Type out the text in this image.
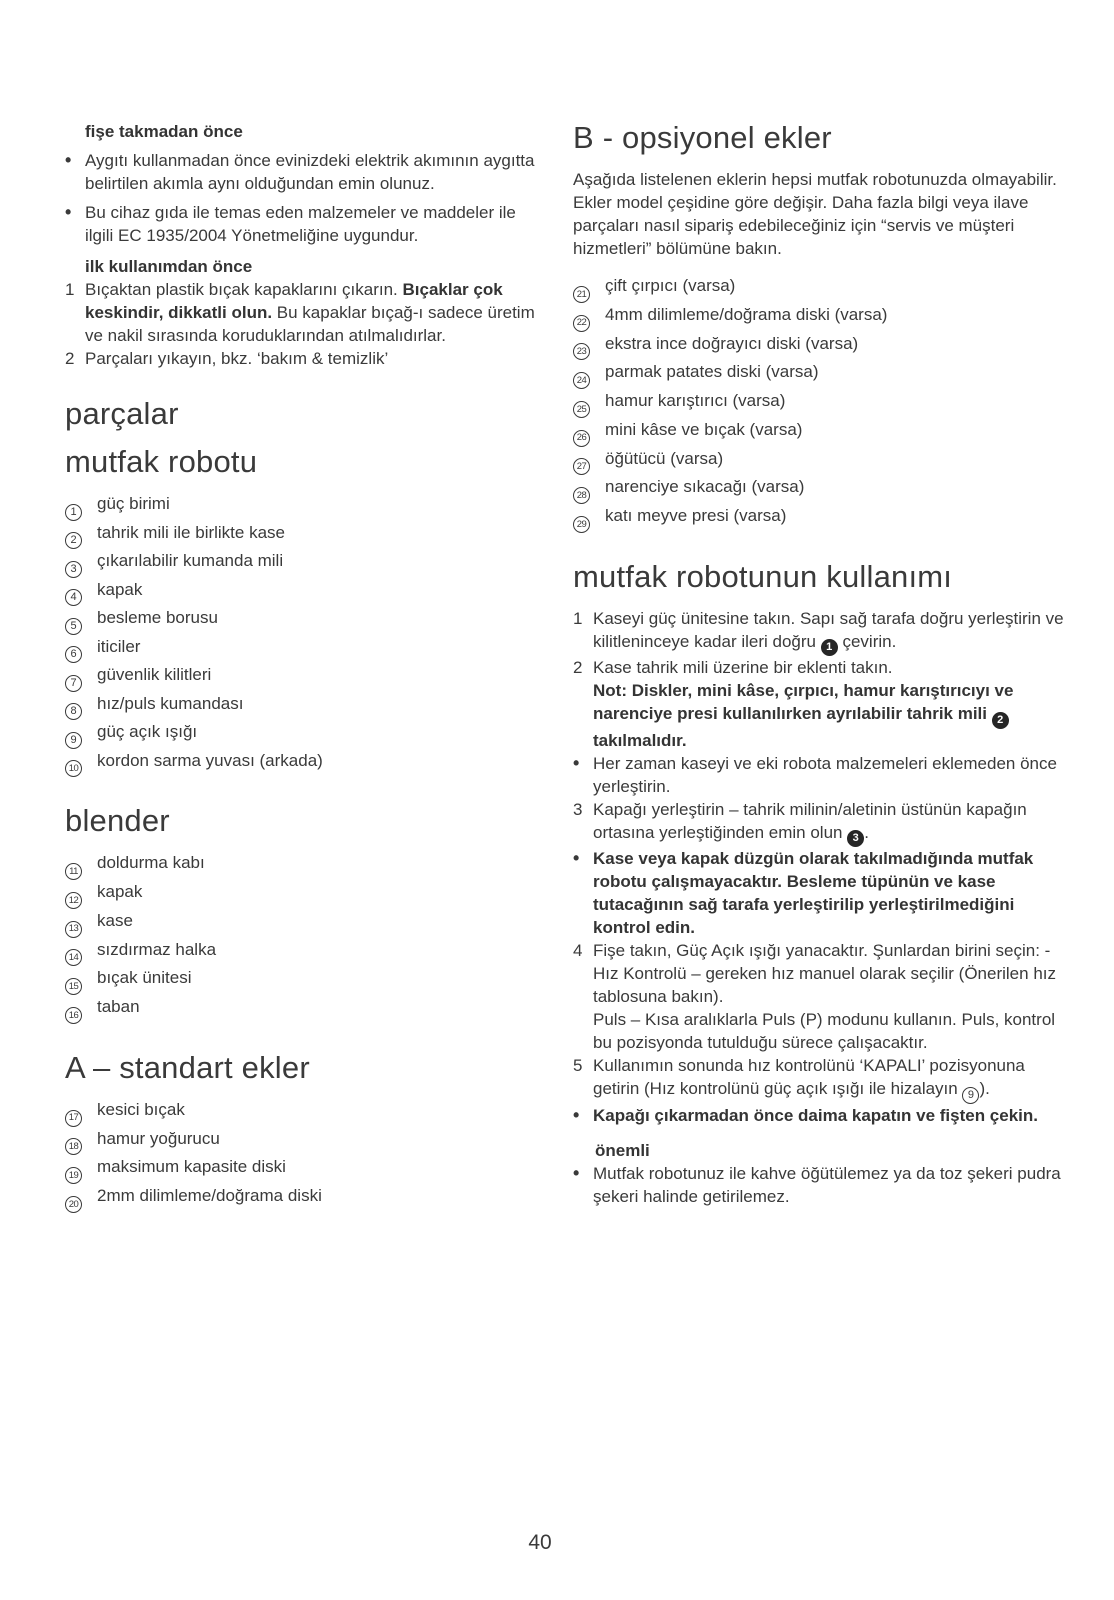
fişe takmadan önce
• Aygıtı kullanmadan önce evinizdeki elektrik akımının aygıtta belirtilen akımla aynı olduğundan emin olunuz.
• Bu cihaz gıda ile temas eden malzemeler ve maddeler ile ilgili EC 1935/2004 Yönetmeliğine uygundur.
ilk kullanımdan önce
1 Bıçaktan plastik bıçak kapaklarını çıkarın. Bıçaklar çok keskindir, dikkatli olun. Bu kapaklar bıçağ-ı sadece üretim ve nakil sırasında koruduklarından atılmalıdırlar.
2 Parçaları yıkayın, bkz. ‘bakım & temizlik’
parçalar
mutfak robotu
1	güç birimi
2	tahrik mili ile birlikte kase
3	çıkarılabilir kumanda mili
4	kapak
5	besleme borusu
6	iticiler
7	güvenlik kilitleri
8	hız/puls kumandası
9	güç açık ışığı
10	kordon sarma yuvası (arkada)
blender
11	doldurma kabı
12	kapak
13	kase
14	sızdırmaz halka
15	bıçak ünitesi
16	taban
A – standart ekler
17	kesici bıçak
18	hamur yoğurucu
19	maksimum kapasite diski
20	2mm dilimleme/doğrama diski
B - opsiyonel ekler

Aşağıda listelenen eklerin hepsi mutfak robotunuzda olmayabilir. Ekler model çeşidine göre değişir. Daha fazla bilgi veya ilave parçaları nasıl sipariş edebileceğiniz için “servis ve müşteri hizmetleri” bölümüne bakın.

21	çift çırpıcı (varsa)
22	4mm dilimleme/doğrama diski (varsa)
23	ekstra ince doğrayıcı diski (varsa)
24	parmak patates diski (varsa)
25	hamur karıştırıcı (varsa)
26	mini kâse ve bıçak (varsa)
27	öğütücü (varsa)
28	narenciye sıkacağı (varsa)
29	katı meyve presi (varsa)
mutfak robotunun kullanımı
1 Kaseyi güç ünitesine takın. Sapı sağ tarafa doğru yerleştirin ve kilitleninceye kadar ileri doğru 1 çevirin.
2 Kase tahrik mili üzerine bir eklenti takın.
Not: Diskler, mini kâse, çırpıcı, hamur karıştırıcıyı ve narenciye presi kullanılırken ayrılabilir tahrik mili 2 takılmalıdır.
• Her zaman kaseyi ve eki robota malzemeleri eklemeden önce yerleştirin.
3 Kapağı yerleştirin – tahrik milinin/aletinin üstünün kapağın ortasına yerleştiğinden emin olun 3 .
• Kase veya kapak düzgün olarak takılmadığında mutfak robotu çalışmayacaktır. Besleme tüpünün ve kase tutacağının sağ tarafa yerleştirilip yerleştirilmediğini kontrol edin.
4 Fişe takın, Güç Açık ışığı yanacaktır. Şunlardan birini seçin: -
Hız Kontrolü – gereken hız manuel olarak seçilir (Önerilen hız tablosuna bakın).
Puls – Kısa aralıklarla Puls (P) modunu kullanın. Puls, kontrol bu pozisyonda tutulduğu sürece çalışacaktır.
5 Kullanımın sonunda hız kontrolünü ‘KAPALI’ pozisyonuna getirin (Hız kontrolünü güç açık ışığı ile hizalayın 9 ).
• Kapağı çıkarmadan önce daima kapatın ve fişten çekin.
önemli
• Mutfak robotunuz ile kahve öğütülemez ya da toz şekeri pudra şekeri halinde getirilemez.
40
